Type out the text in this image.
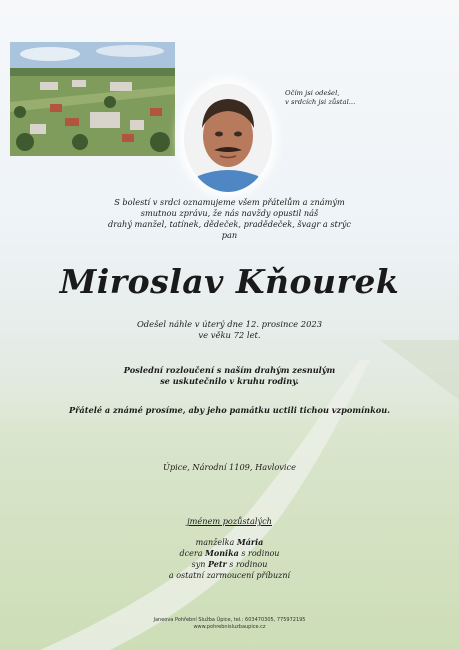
Očím jsi odešel,
v srdcích jsi zůstal...
S bolestí v srdci oznamujeme všem přátelům a známým
smutnou zprávu, že nás navždy opustil náš
drahý manžel, tatínek, dědeček, pradědeček, švagr a strýc
pan
Miroslav Kňourek
Odešel náhle v úterý dne 12. prosince 2023
ve věku 72 let.
Poslední rozloučení s naším drahým zesnulým
se uskutečnilo v kruhu rodiny.
Přátelé a známé prosíme, aby jeho památku uctili tichou vzpomínkou.
Úpice, Národní 1109, Havlovice
jménem pozůstalých
manželka Mária
dcera Monika s rodinou
syn Petr s rodinou
a ostatní zarmoucení příbuzní
Janeova Pohřební Služba Úpice, tel.: 603470305, 775972195
www.pohrebnisluzbaupice.cz
